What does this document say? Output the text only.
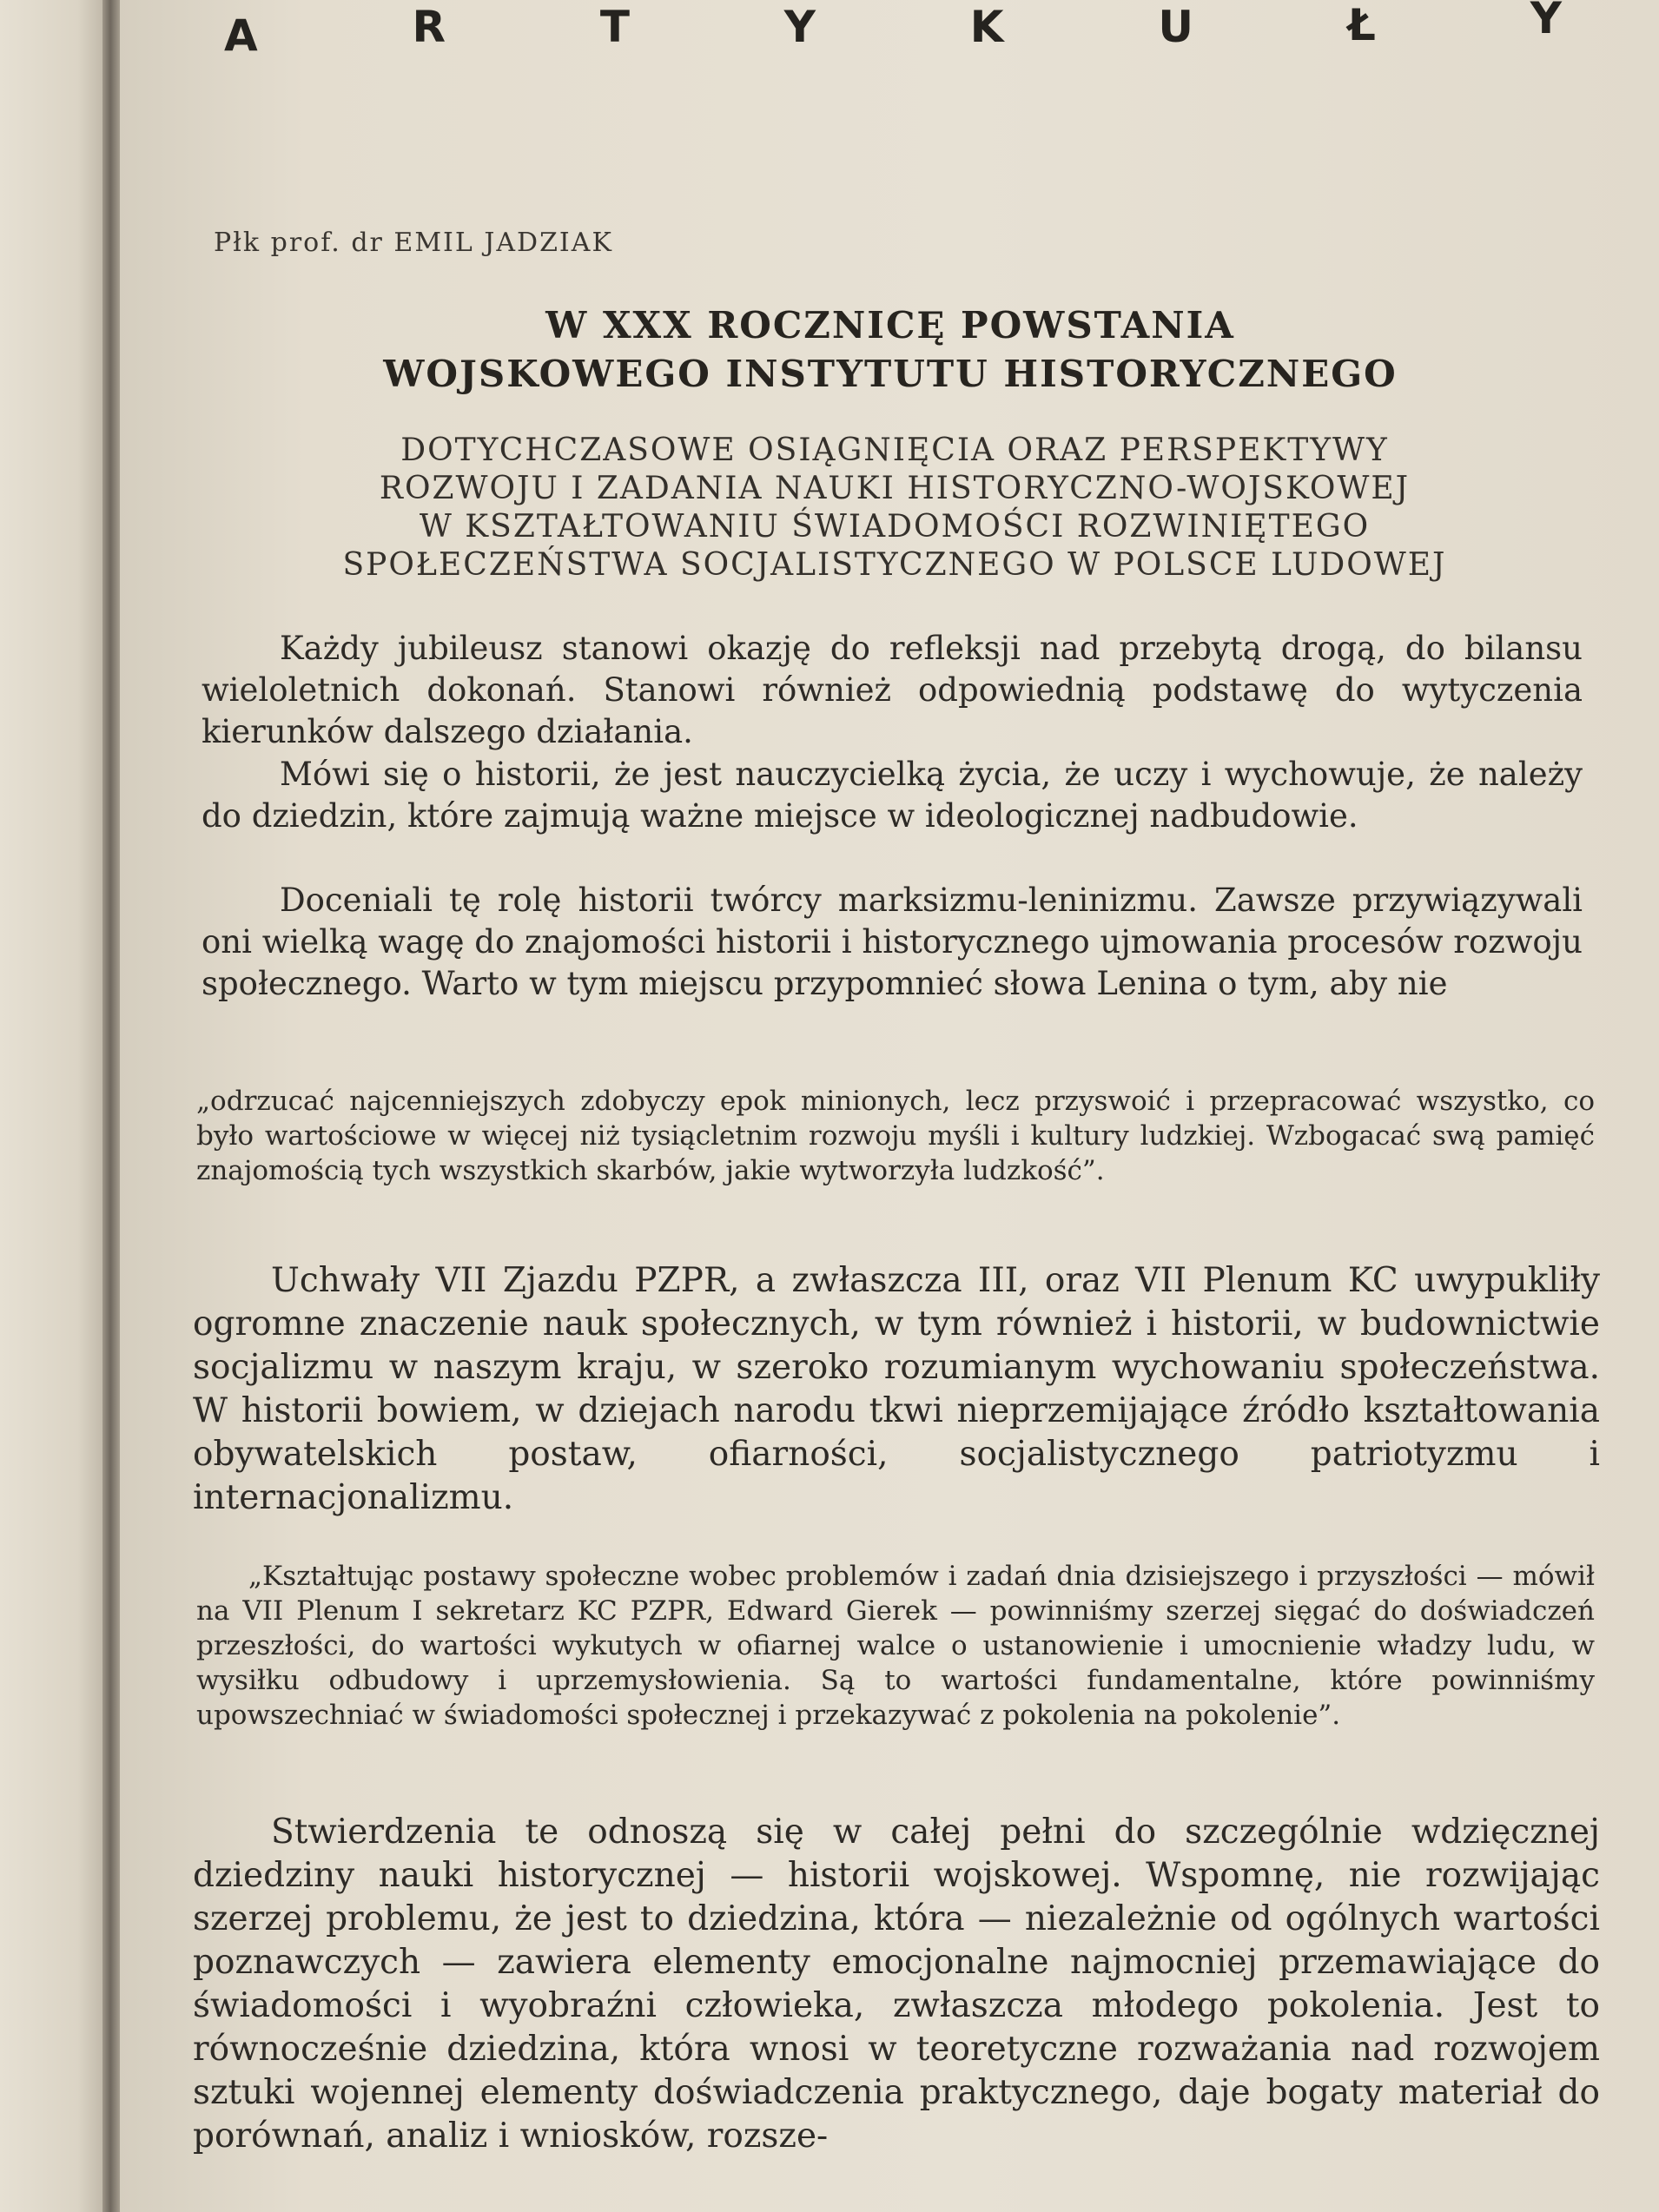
A	R	T	Y	K	U	Ł	Y
Płk prof. dr EMIL JADZIAK
W XXX ROCZNICĘ POWSTANIA
WOJSKOWEGO INSTYTUTU HISTORYCZNEGO
DOTYCHCZASOWE OSIĄGNIĘCIA ORAZ PERSPEKTYWY
ROZWOJU I ZADANIA NAUKI HISTORYCZNO-WOJSKOWEJ
W KSZTAŁTOWANIU ŚWIADOMOŚCI ROZWINIĘTEGO
SPOŁECZEŃSTWA SOCJALISTYCZNEGO W POLSCE LUDOWEJ

Każdy jubileusz stanowi okazję do refleksji nad przebytą drogą, do bilansu wieloletnich dokonań. Stanowi również odpowiednią podstawę do wytyczenia kierunków dalszego działania.

Mówi się o historii, że jest nauczycielką życia, że uczy i wychowuje, że należy do dziedzin, które zajmują ważne miejsce w ideologicznej nadbudowie.

Doceniali tę rolę historii twórcy marksizmu-leninizmu. Zawsze przywiązywali oni wielką wagę do znajomości historii i historycznego ujmowania procesów rozwoju społecznego. Warto w tym miejscu przypomnieć słowa Lenina o tym, aby nie

„odrzucać najcenniejszych zdobyczy epok minionych, lecz przyswoić i przepracować wszystko, co było wartościowe w więcej niż tysiącletnim rozwoju myśli i kultury ludzkiej. Wzbogacać swą pamięć znajomością tych wszystkich skarbów, jakie wytworzyła ludzkość”.

Uchwały VII Zjazdu PZPR, a zwłaszcza III, oraz VII Plenum KC uwypukliły ogromne znaczenie nauk społecznych, w tym również i historii, w budownictwie socjalizmu w naszym kraju, w szeroko rozumianym wychowaniu społeczeństwa. W historii bowiem, w dziejach narodu tkwi nieprzemijające źródło kształtowania obywatelskich postaw, ofiarności, socjalistycznego patriotyzmu i internacjonalizmu.

„Kształtując postawy społeczne wobec problemów i zadań dnia dzisiejszego i przyszłości — mówił na VII Plenum I sekretarz KC PZPR, Edward Gierek — powinniśmy szerzej sięgać do doświadczeń przeszłości, do wartości wykutych w ofiarnej walce o ustanowienie i umocnienie władzy ludu, w wysiłku odbudowy i uprzemysłowienia. Są to wartości fundamentalne, które powinniśmy upowszechniać w świadomości społecznej i przekazywać z pokolenia na pokolenie”.

Stwierdzenia te odnoszą się w całej pełni do szczególnie wdzięcznej dziedziny nauki historycznej — historii wojskowej. Wspomnę, nie rozwijając szerzej problemu, że jest to dziedzina, która — niezależnie od ogólnych wartości poznawczych — zawiera elementy emocjonalne najmocniej przemawiające do świadomości i wyobraźni człowieka, zwłaszcza młodego pokolenia. Jest to równocześnie dziedzina, która wnosi w teoretyczne rozważania nad rozwojem sztuki wojennej elementy doświadczenia praktycznego, daje bogaty materiał do porównań, analiz i wniosków, rozsze-
